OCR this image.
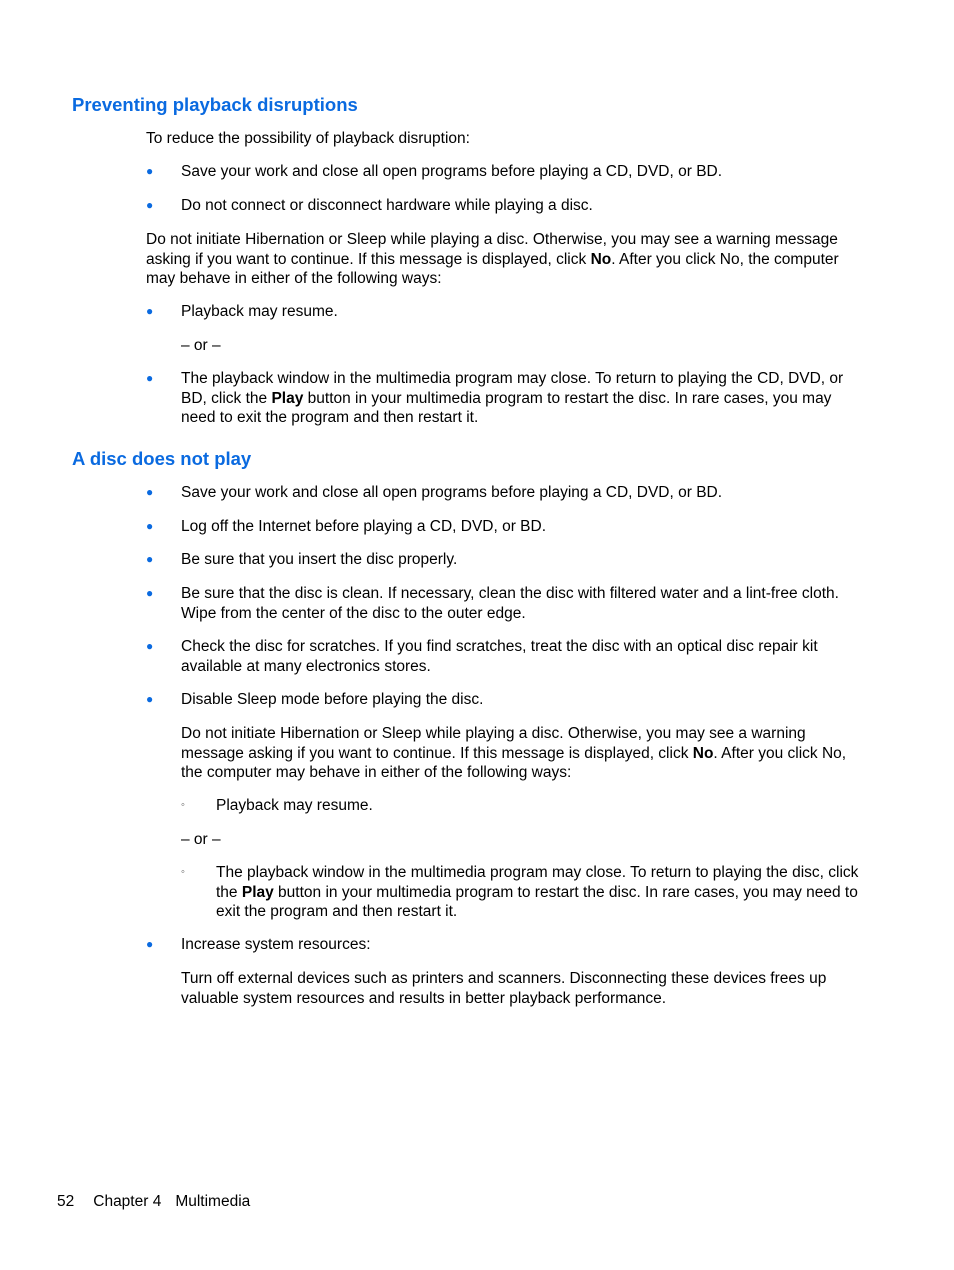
Preventing playback disruptions

To reduce the possibility of playback disruption:

● Save your work and close all open programs before playing a CD, DVD, or BD.

● Do not connect or disconnect hardware while playing a disc.

Do not initiate Hibernation or Sleep while playing a disc. Otherwise, you may see a warning message asking if you want to continue. If this message is displayed, click No. After you click No, the computer may behave in either of the following ways:

● Playback may resume.

– or –

● The playback window in the multimedia program may close. To return to playing the CD, DVD, or BD, click the Play button in your multimedia program to restart the disc. In rare cases, you may need to exit the program and then restart it.

A disc does not play
● Save your work and close all open programs before playing a CD, DVD, or BD.

● Log off the Internet before playing a CD, DVD, or BD.

● Be sure that you insert the disc properly.

● Be sure that the disc is clean. If necessary, clean the disc with filtered water and a lint-free cloth. Wipe from the center of the disc to the outer edge.

● Check the disc for scratches. If you find scratches, treat the disc with an optical disc repair kit available at many electronics stores.

● Disable Sleep mode before playing the disc.

Do not initiate Hibernation or Sleep while playing a disc. Otherwise, you may see a warning message asking if you want to continue. If this message is displayed, click No. After you click No, the computer may behave in either of the following ways:

◦ Playback may resume.

– or –

◦ The playback window in the multimedia program may close. To return to playing the disc, click the Play button in your multimedia program to restart the disc. In rare cases, you may need to exit the program and then restart it.

● Increase system resources:

Turn off external devices such as printers and scanners. Disconnecting these devices frees up valuable system resources and results in better playback performance.

52 Chapter 4 Multimedia
